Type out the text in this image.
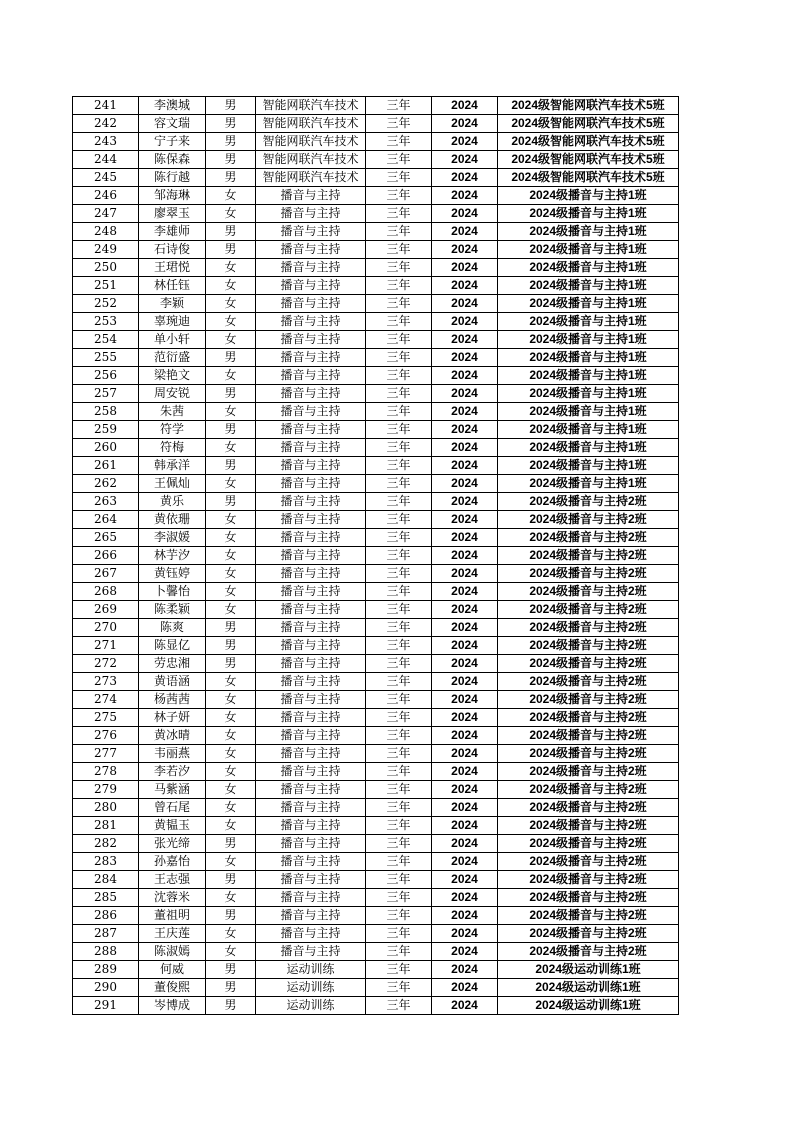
241	李澳城	男	智能网联汽车技术	三年	2024	2024级智能网联汽车技术5班
242	容文瑞	男	智能网联汽车技术	三年	2024	2024级智能网联汽车技术5班
243	宁子来	男	智能网联汽车技术	三年	2024	2024级智能网联汽车技术5班
244	陈保森	男	智能网联汽车技术	三年	2024	2024级智能网联汽车技术5班
245	陈行越	男	智能网联汽车技术	三年	2024	2024级智能网联汽车技术5班
246	邹海琳	女	播音与主持	三年	2024	2024级播音与主持1班
247	廖翠玉	女	播音与主持	三年	2024	2024级播音与主持1班
248	李雄师	男	播音与主持	三年	2024	2024级播音与主持1班
249	石诗俊	男	播音与主持	三年	2024	2024级播音与主持1班
250	王珺悦	女	播音与主持	三年	2024	2024级播音与主持1班
251	林任钰	女	播音与主持	三年	2024	2024级播音与主持1班
252	李颖	女	播音与主持	三年	2024	2024级播音与主持1班
253	辜琬迪	女	播音与主持	三年	2024	2024级播音与主持1班
254	单小轩	女	播音与主持	三年	2024	2024级播音与主持1班
255	范衍盛	男	播音与主持	三年	2024	2024级播音与主持1班
256	梁艳文	女	播音与主持	三年	2024	2024级播音与主持1班
257	周安锐	男	播音与主持	三年	2024	2024级播音与主持1班
258	朱茜	女	播音与主持	三年	2024	2024级播音与主持1班
259	符学	男	播音与主持	三年	2024	2024级播音与主持1班
260	符梅	女	播音与主持	三年	2024	2024级播音与主持1班
261	韩承洋	男	播音与主持	三年	2024	2024级播音与主持1班
262	王佩灿	女	播音与主持	三年	2024	2024级播音与主持1班
263	黄乐	男	播音与主持	三年	2024	2024级播音与主持2班
264	黄依珊	女	播音与主持	三年	2024	2024级播音与主持2班
265	李淑媛	女	播音与主持	三年	2024	2024级播音与主持2班
266	林芋汐	女	播音与主持	三年	2024	2024级播音与主持2班
267	黄钰婷	女	播音与主持	三年	2024	2024级播音与主持2班
268	卜馨怡	女	播音与主持	三年	2024	2024级播音与主持2班
269	陈柔颖	女	播音与主持	三年	2024	2024级播音与主持2班
270	陈爽	男	播音与主持	三年	2024	2024级播音与主持2班
271	陈显亿	男	播音与主持	三年	2024	2024级播音与主持2班
272	劳忠湘	男	播音与主持	三年	2024	2024级播音与主持2班
273	黄语涵	女	播音与主持	三年	2024	2024级播音与主持2班
274	杨茜茜	女	播音与主持	三年	2024	2024级播音与主持2班
275	林子妍	女	播音与主持	三年	2024	2024级播音与主持2班
276	黄冰晴	女	播音与主持	三年	2024	2024级播音与主持2班
277	韦丽燕	女	播音与主持	三年	2024	2024级播音与主持2班
278	李若汐	女	播音与主持	三年	2024	2024级播音与主持2班
279	马紫涵	女	播音与主持	三年	2024	2024级播音与主持2班
280	曾石尾	女	播音与主持	三年	2024	2024级播音与主持2班
281	黄韫玉	女	播音与主持	三年	2024	2024级播音与主持2班
282	张光缔	男	播音与主持	三年	2024	2024级播音与主持2班
283	孙嘉怡	女	播音与主持	三年	2024	2024级播音与主持2班
284	王志强	男	播音与主持	三年	2024	2024级播音与主持2班
285	沈蓉米	女	播音与主持	三年	2024	2024级播音与主持2班
286	董祖明	男	播音与主持	三年	2024	2024级播音与主持2班
287	王庆莲	女	播音与主持	三年	2024	2024级播音与主持2班
288	陈淑嫣	女	播音与主持	三年	2024	2024级播音与主持2班
289	何威	男	运动训练	三年	2024	2024级运动训练1班
290	董俊熙	男	运动训练	三年	2024	2024级运动训练1班
291	岑博成	男	运动训练	三年	2024	2024级运动训练1班
